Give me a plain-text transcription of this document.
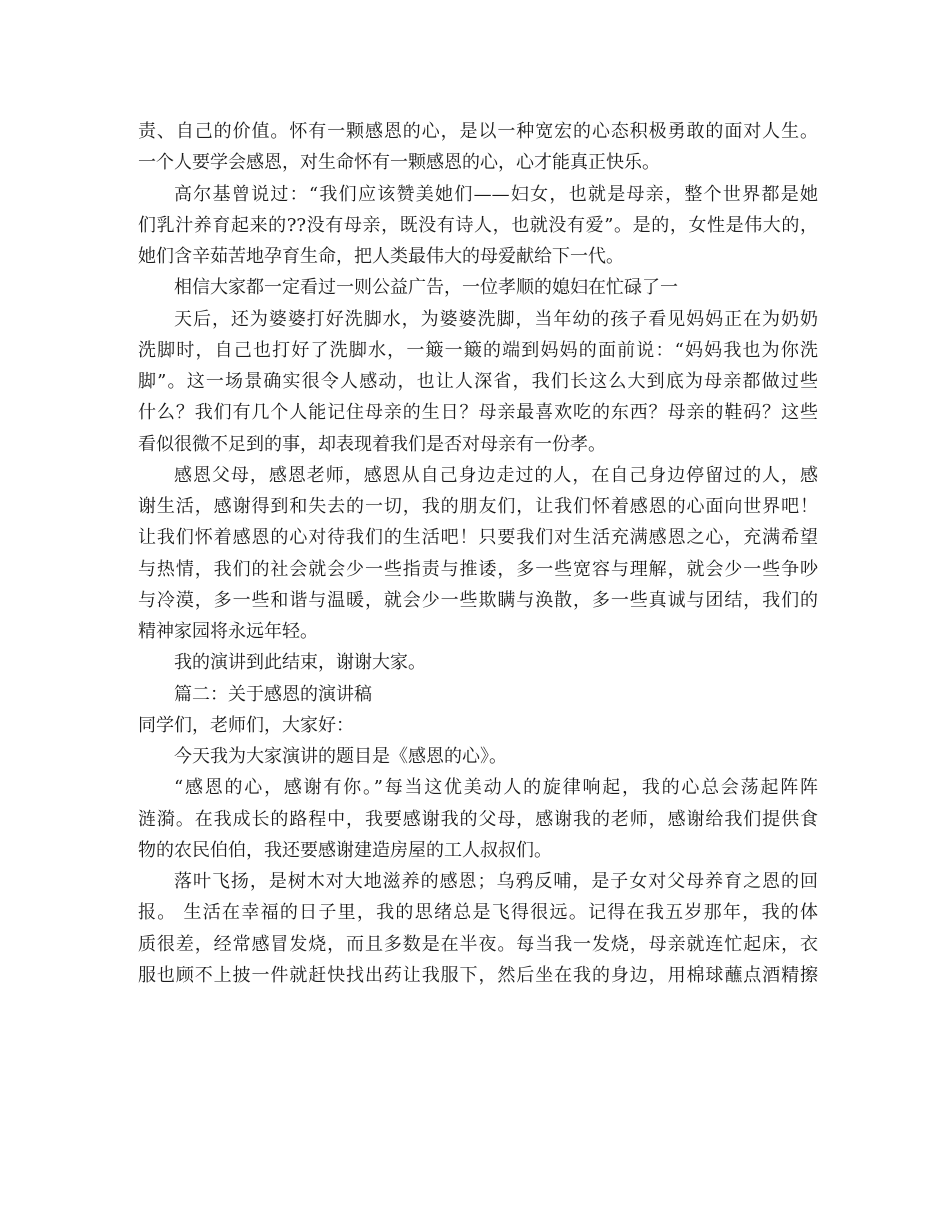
责、自己的价值。怀有一颗感恩的心，是以一种宽宏的心态积极勇敢的面对人生。
一个人要学会感恩，对生命怀有一颗感恩的心，心才能真正快乐。
高尔基曾说过：“我们应该赞美她们——妇女，也就是母亲，整个世界都是她
们乳汁养育起来的??没有母亲，既没有诗人，也就没有爱”。是的，女性是伟大的，
她们含辛茹苦地孕育生命，把人类最伟大的母爱献给下一代。
相信大家都一定看过一则公益广告，一位孝顺的媳妇在忙碌了一
天后，还为婆婆打好洗脚水，为婆婆洗脚，当年幼的孩子看见妈妈正在为奶奶
洗脚时，自己也打好了洗脚水，一簸一簸的端到妈妈的面前说：“妈妈我也为你洗
脚”。这一场景确实很令人感动，也让人深省，我们长这么大到底为母亲都做过些
什么？我们有几个人能记住母亲的生日？母亲最喜欢吃的东西？母亲的鞋码？这些
看似很微不足到的事，却表现着我们是否对母亲有一份孝。
感恩父母，感恩老师，感恩从自己身边走过的人，在自己身边停留过的人，感
谢生活，感谢得到和失去的一切，我的朋友们，让我们怀着感恩的心面向世界吧！
让我们怀着感恩的心对待我们的生活吧！只要我们对生活充满感恩之心，充满希望
与热情，我们的社会就会少一些指责与推诿，多一些宽容与理解，就会少一些争吵
与冷漠，多一些和谐与温暖，就会少一些欺瞒与涣散，多一些真诚与团结，我们的
精神家园将永远年轻。
我的演讲到此结束，谢谢大家。
篇二：关于感恩的演讲稿
同学们，老师们，大家好：
今天我为大家演讲的题目是《感恩的心》。
“感恩的心，感谢有你。”每当这优美动人的旋律响起，我的心总会荡起阵阵
涟漪。在我成长的路程中，我要感谢我的父母，感谢我的老师，感谢给我们提供食
物的农民伯伯，我还要感谢建造房屋的工人叔叔们。
落叶飞扬，是树木对大地滋养的感恩；乌鸦反哺，是子女对父母养育之恩的回
报。 生活在幸福的日子里，我的思绪总是飞得很远。记得在我五岁那年，我的体
质很差，经常感冒发烧，而且多数是在半夜。每当我一发烧，母亲就连忙起床，衣
服也顾不上披一件就赶快找出药让我服下，然后坐在我的身边，用棉球蘸点酒精擦
